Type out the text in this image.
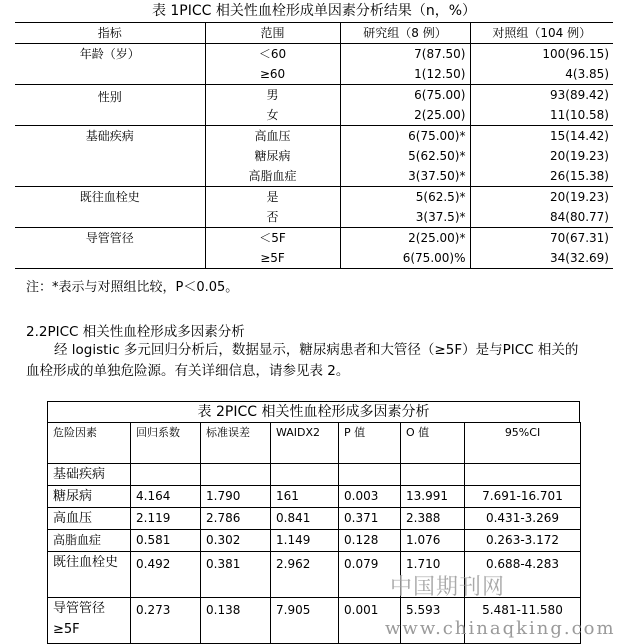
表 1PICC 相关性血栓形成单因素分析结果（n，%）
指标	范围	研究组（8 例）	对照组（104 例）
年龄（岁）	＜60	7(87.50)	100(96.15)
	≥60	1(12.50)	4(3.85)
性别	男	6(75.00)	93(89.42)
	女	2(25.00)	11(10.58)
基础疾病	高血压	6(75.00)*	15(14.42)
	糖尿病	5(62.50)*	20(19.23)
	高脂血症	3(37.50)*	26(15.38)
既往血栓史	是	5(62.5)*	20(19.23)
	否	3(37.5)*	84(80.77)
导管管径	＜5F	2(25.00)*	70(67.31)
	≥5F	6(75.00)%	34(32.69)
注：*表示与对照组比较，P＜0.05。
2.2PICC 相关性血栓形成多因素分析

经 logistic 多元回归分析后，数据显示，糖尿病患者和大管径（≥5F）是与PICC 相关的血栓形成的单独危险源。有关详细信息，请参见表 2。

表 2PICC 相关性血栓形成多因素分析
危险因素	回归系数	标准误差	WAIDX2	P 值	O 值	95%CI
基础疾病						
糖尿病	4.164	1.790	161	0.003	13.991	7.691-16.701
高血压	2.119	2.786	0.841	0.371	2.388	0.431-3.269
高脂血症	0.581	0.302	1.149	0.128	1.076	0.263-3.172
既往血栓史	0.492	0.381	2.962	0.079	1.710	0.688-4.283
导管管径≥5F	0.273	0.138	7.905	0.001	5.593	5.481-11.580
中国期刊网
www.chinaqking.com
